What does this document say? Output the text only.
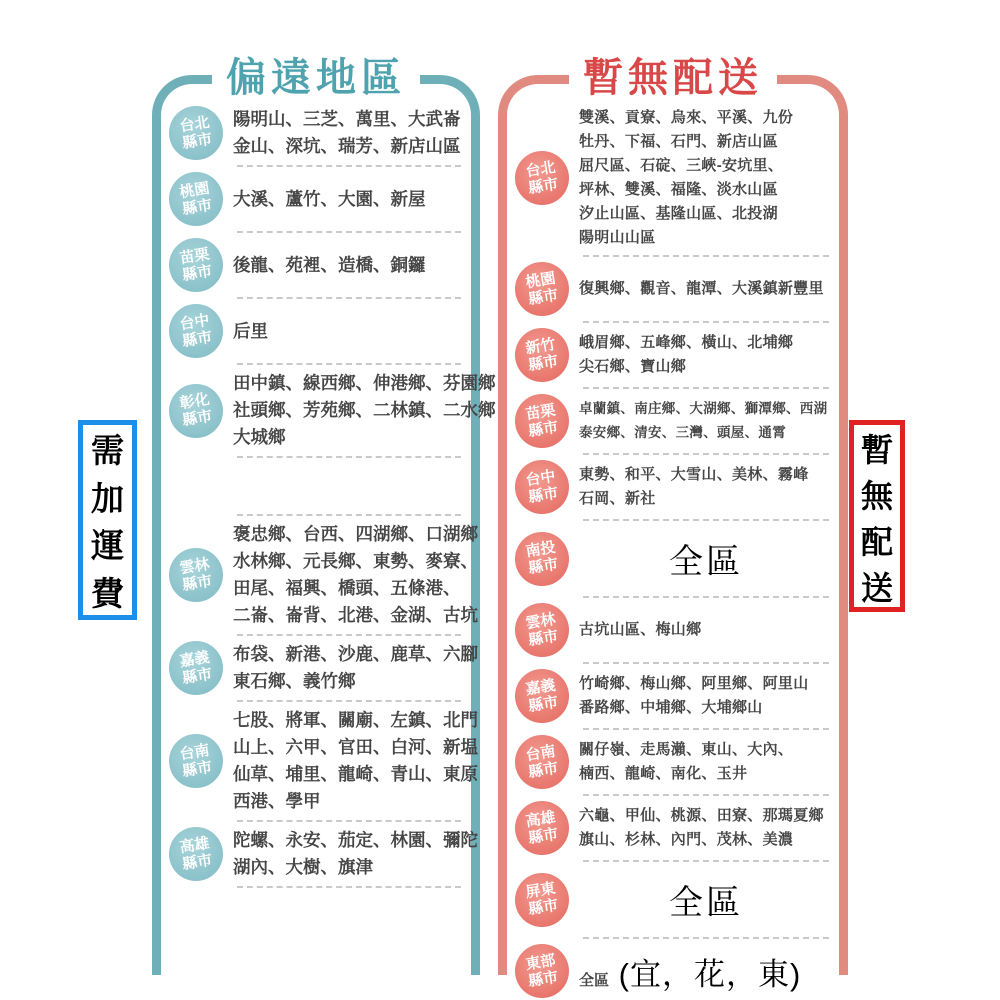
需
加
運
費
偏遠地區
台北
縣市
陽明山、三芝、萬里、大武崙
金山、深坑、瑞芳、新店山區
桃園
縣市 大溪、蘆竹、大園、新屋
苗栗
縣市 後龍、苑裡、造橋、銅鑼
台中
縣市 后里
彰化
縣市
田中鎮、線西鄉、伸港鄉、芬園鄉
社頭鄉、芳苑鄉、二林鎮、二水鄉
大城鄉
雲林
縣市
褒忠鄉、台西、四湖鄉、口湖鄉
水林鄉、元長鄉、東勢、麥寮、
田尾、福興、橋頭、五條港、
二崙、崙背、北港、金湖、古坑
嘉義
縣市
布袋、新港、沙鹿、鹿草、六腳
東石鄉、義竹鄉
台南
縣市
七股、將軍、關廟、左鎮、北門
山上、六甲、官田、白河、新塭
仙草、埔里、龍崎、青山、東原
西港、學甲
高雄
縣市
陀螺、永安、茄定、林園、彌陀
湖內、大樹、旗津
暫無配送
台北
縣市
雙溪、貢寮、烏來、平溪、九份
牡丹、下福、石門、新店山區
屈尺區、石碇、三峽-安坑里、
坪林、雙溪、福隆、淡水山區
汐止山區、基隆山區、北投湖
陽明山山區
桃園
縣市 復興鄉、觀音、龍潭、大溪鎮新豐里
新竹
縣市
峨眉鄉、五峰鄉、橫山、北埔鄉
尖石鄉、寶山鄉
苗栗
縣市
卓蘭鎮、南庄鄉、大湖鄉、獅潭鄉、西湖
泰安鄉、清安、三灣、頭屋、通霄
台中
縣市
東勢、和平、大雪山、美林、霧峰
石岡、新社
南投
縣市	全區
雲林
縣市 古坑山區、梅山鄉
嘉義
縣市
竹崎鄉、梅山鄉、阿里鄉、阿里山
番路鄉、中埔鄉、大埔鄉山
台南
縣市
關仔嶺、走馬瀨、東山、大內、
楠西、龍崎、南化、玉井
高雄
縣市
六龜、甲仙、桃源、田寮、那瑪夏鄉
旗山、杉林、內門、茂林、美濃
屏東
縣市	全區
東部
縣市 全區 (宜，花，東)
暫
無
配
送
